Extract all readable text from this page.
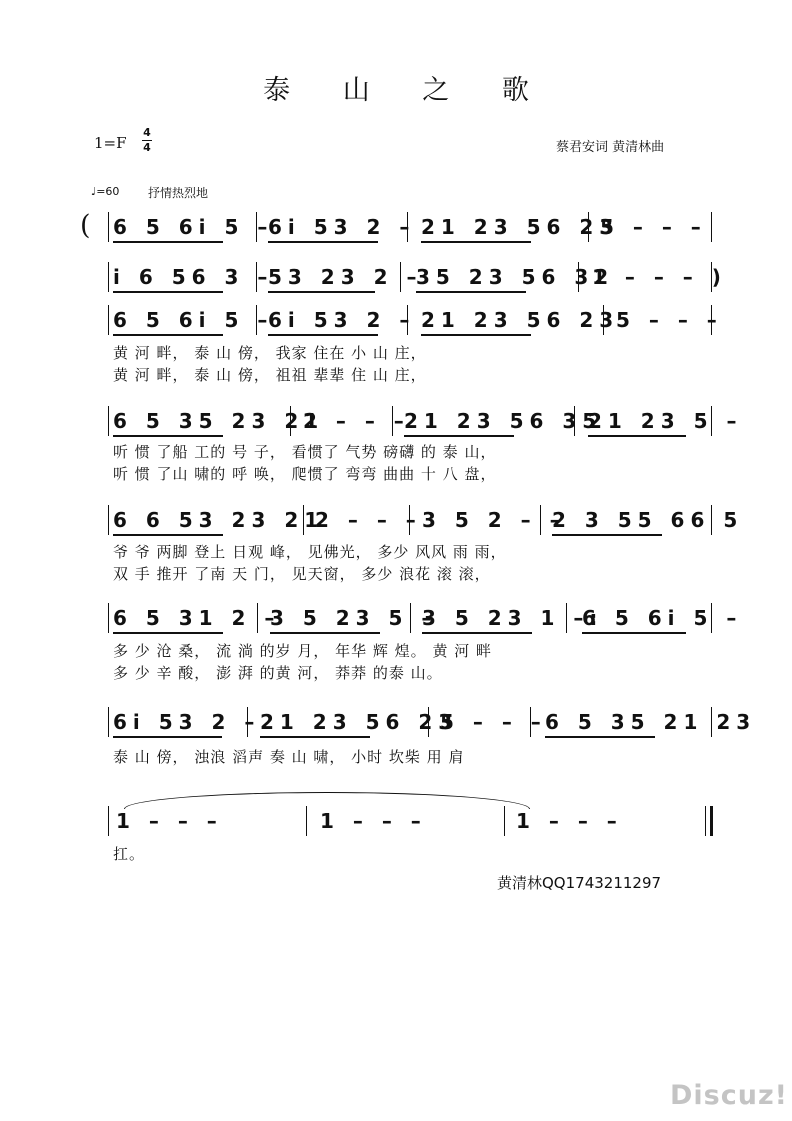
泰 山 之 歌
1=F
4
4	蔡君安词 黄清林曲
♩=60 抒情热烈地
( 6 5 6i 5 –
6i 53 2 – 21 23 56 23
5 – – –
i 6 56 3 –
53 23 2 –
35 23 56 32
1 – – – )
6 5 6i 5 –
6i 53 2 – 21 23 56 23
5 – – –
黄 河 畔， 泰 山 傍， 我家 住在 小 山 庄，
黄 河 畔， 泰 山 傍， 祖祖 辈辈 住 山 庄，
6 5 35 23 21
2 – – –
21 23 56 35
21 23 5 –
听 惯 了船 工的 号 子， 看惯了 气势 磅礴 的 泰 山，
听 惯 了山 啸的 呼 唤， 爬惯了 弯弯 曲曲 十 八 盘，
6 6 53 23 21
2 – – – 3 5 2 – –
2 3 55 66 5
爷 爷 两脚 登上 日观 峰， 见佛光， 多少 风风 雨 雨，
双 手 推开 了南 天 门， 见天窗， 多少 浪花 滚 滚，
6 5 31 2 –
3 5 23 5 –
3 5 23 1 –:
6 5 6i 5 –
多 少 沧 桑， 流 淌 的岁 月， 年华 辉 煌。 黄 河 畔
多 少 辛 酸， 澎 湃 的黄 河， 莽莽 的泰 山。
6i 53 2 – 21 23 56 23
5 – – –
6 5 35 21 23
泰 山 傍， 浊浪 滔声 奏 山 啸， 小时 坎柴 用 肩
1 – – –	1 – – –	1 – – –
扛。
黄清林QQ1743211297
Discuz!
